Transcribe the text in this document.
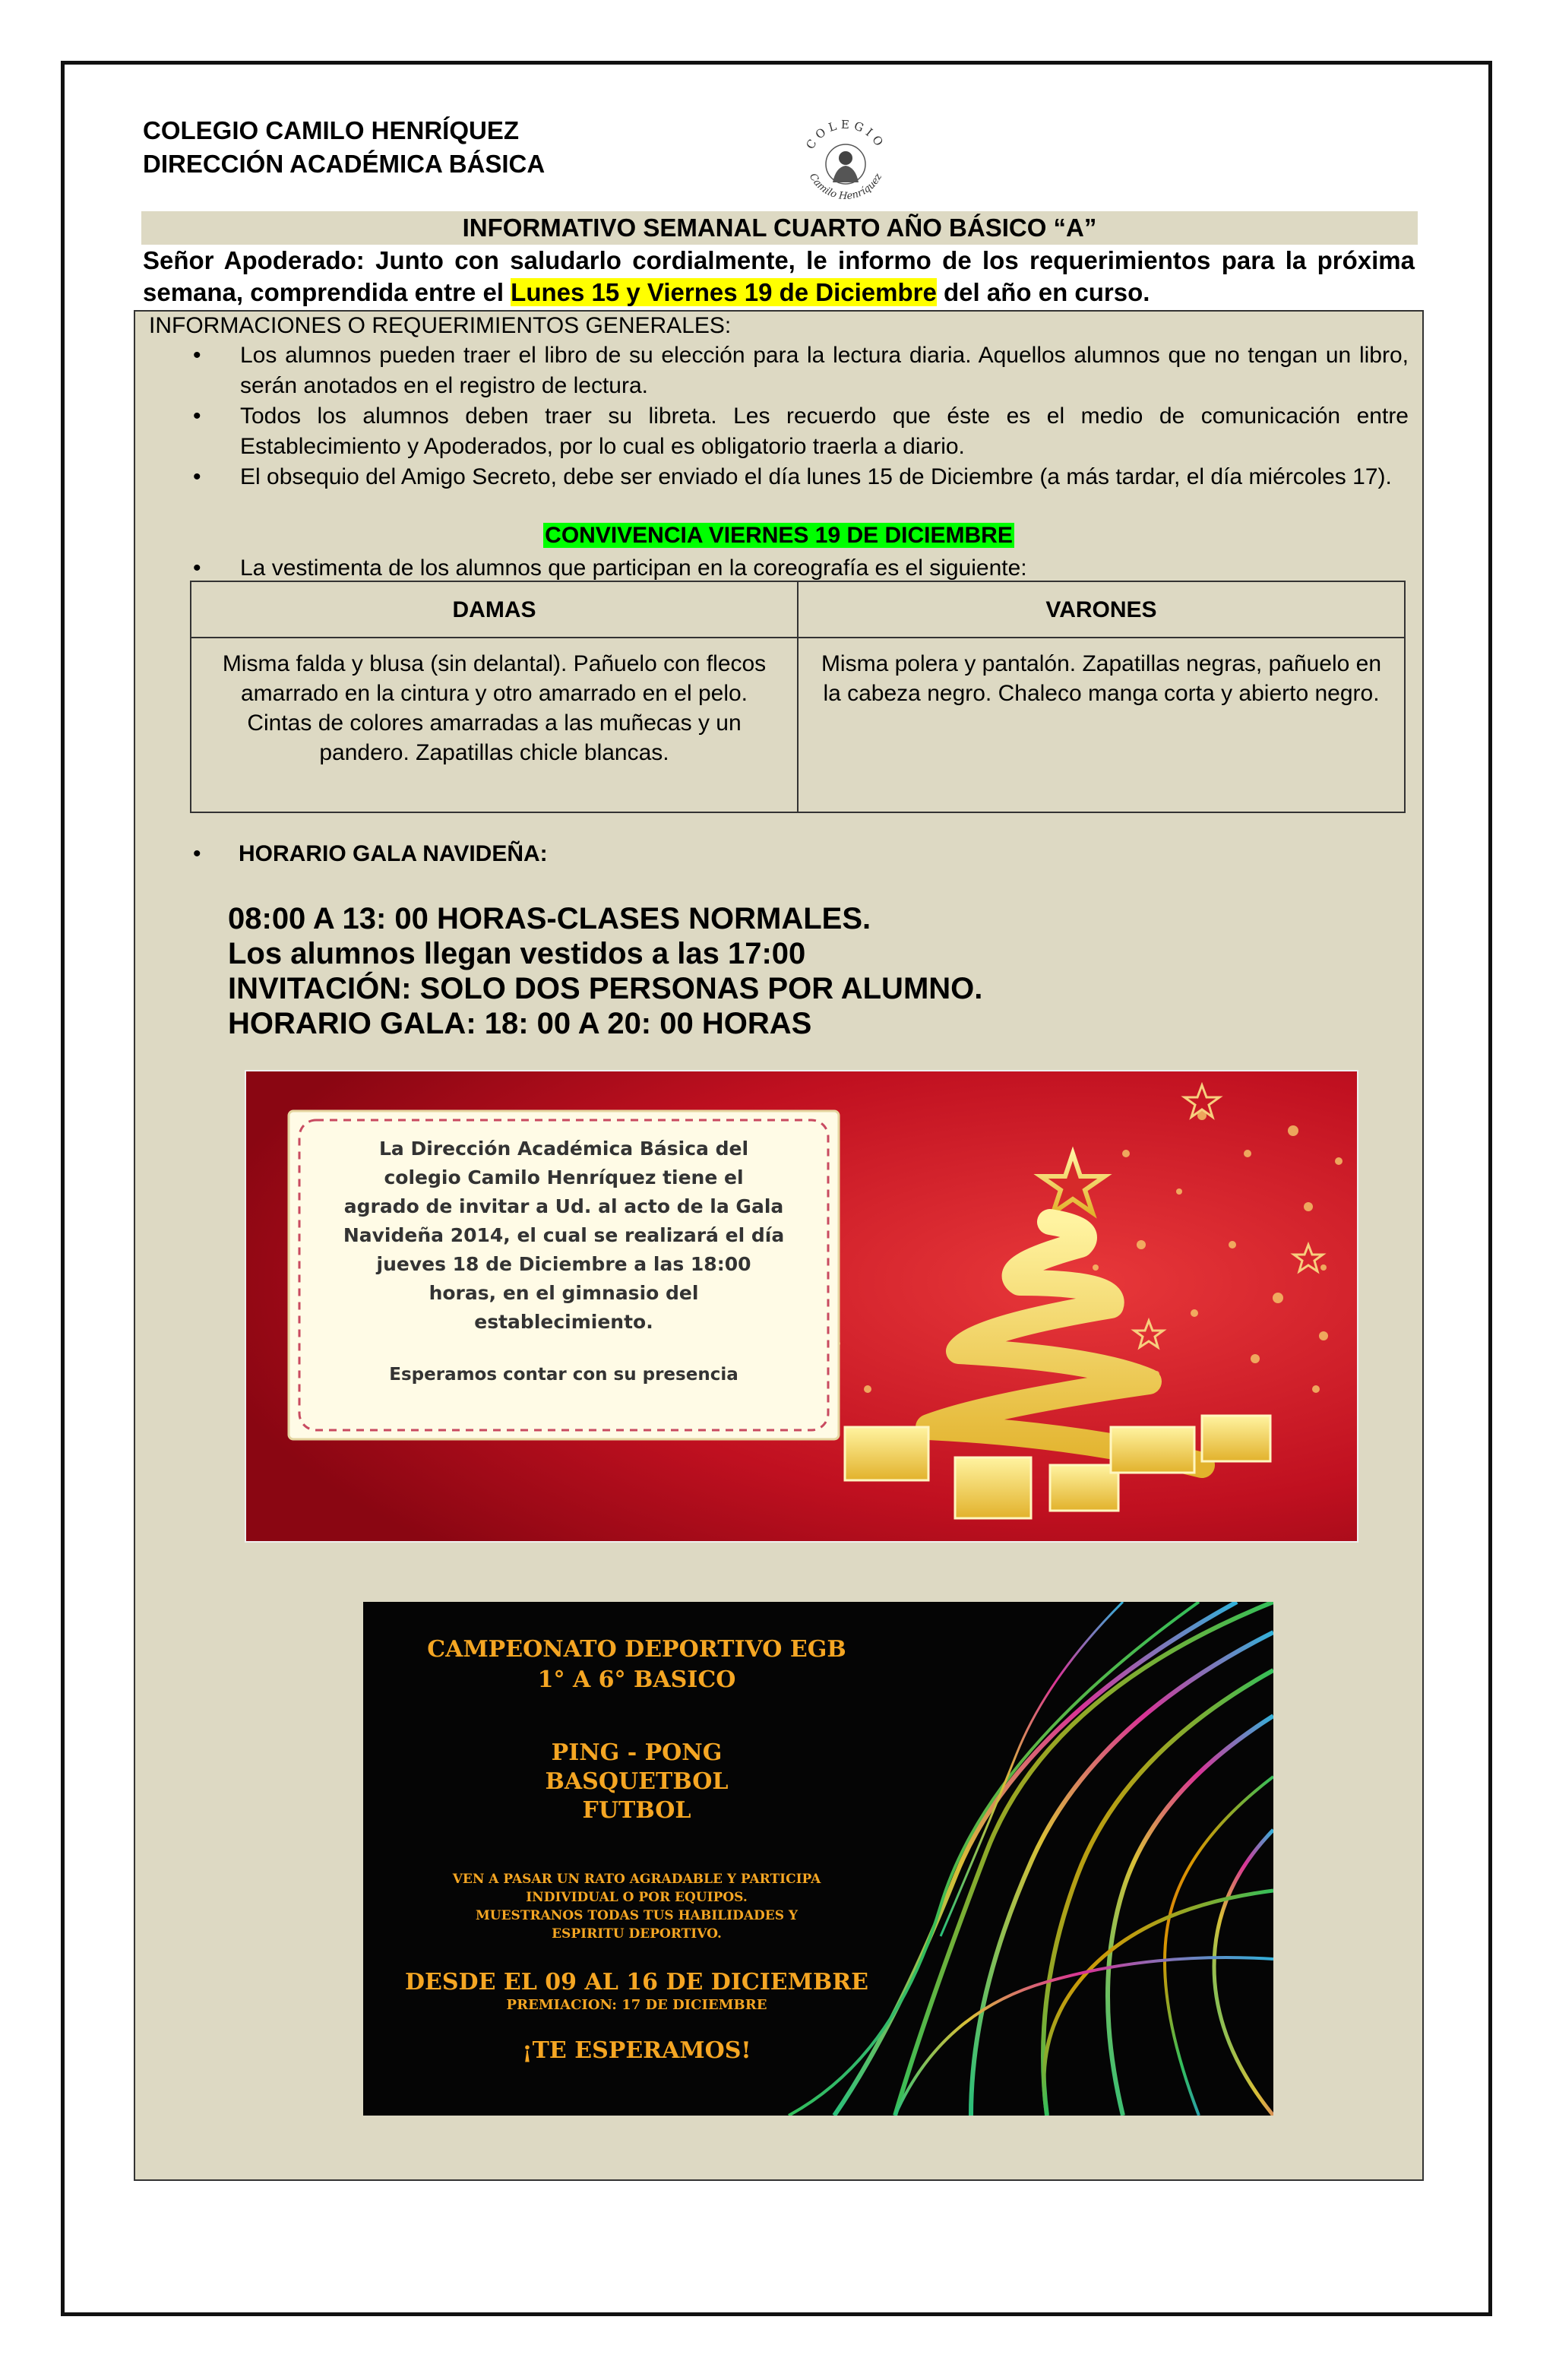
COLEGIO CAMILO HENRÍQUEZ
DIRECCIÓN ACADÉMICA BÁSICA
COLEGIO
Camilo Henríquez
INFORMATIVO SEMANAL CUARTO AÑO BÁSICO “A”
Señor Apoderado: Junto con saludarlo cordialmente, le informo de los requerimientos para la próxima semana, comprendida entre el Lunes 15 y Viernes 19 de Diciembre del año en curso.
CONVIVENCIA VIERNES 19 DE DICIEMBRE
INFORMACIONES O REQUERIMIENTOS GENERALES:
• Los alumnos pueden traer el libro de su elección para la lectura diaria. Aquellos alumnos que no tengan un libro, serán anotados en el registro de lectura.
• Todos los alumnos deben traer su libreta. Les recuerdo que éste es el medio de comunicación entre Establecimiento y Apoderados, por lo cual es obligatorio traerla a diario.
• El obsequio del Amigo Secreto, debe ser enviado el día lunes 15 de Diciembre (a más tardar, el día miércoles 17).
• La vestimenta de los alumnos que participan en la coreografía es el siguiente:
DAMAS	VARONES

Misma falda y blusa (sin delantal). Pañuelo con flecos amarrado en la cintura y otro amarrado en el pelo.
Cintas de colores amarradas a las muñecas y un pandero. Zapatillas chicle blancas.	Misma polera y pantalón. Zapatillas negras, pañuelo en la cabeza negro. Chaleco manga corta y abierto negro.
• HORARIO GALA NAVIDEÑA:
08:00 A 13: 00 HORAS-CLASES NORMALES.
Los alumnos llegan vestidos a las 17:00
INVITACIÓN: SOLO DOS PERSONAS POR ALUMNO.
HORARIO GALA: 18: 00 A 20: 00 HORAS
La Dirección Académica Básica del
colegio Camilo Henríquez tiene el
agrado de invitar a Ud. al acto de la Gala
Navideña 2014, el cual se realizará el día
jueves 18 de Diciembre a las 18:00
horas, en el gimnasio del
establecimiento.
Esperamos contar con su presencia
CAMPEONATO DEPORTIVO EGB
1° A 6° BASICO
PING - PONG
BASQUETBOL
FUTBOL
VEN A PASAR UN RATO AGRADABLE Y PARTICIPA
INDIVIDUAL O POR EQUIPOS.
MUESTRANOS TODAS TUS HABILIDADES Y
ESPIRITU DEPORTIVO.
DESDE EL 09 AL 16 DE DICIEMBRE
PREMIACION: 17 DE DICIEMBRE
¡TE ESPERAMOS!
